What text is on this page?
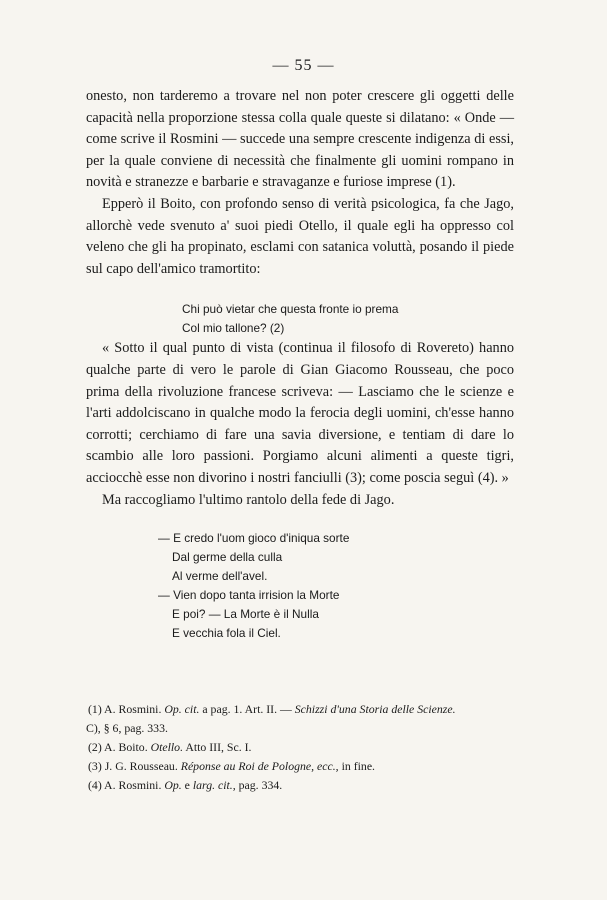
— 55 —

onesto, non tarderemo a trovare nel non poter crescere gli oggetti delle capacità nella proporzione stessa colla quale queste si dilatano: « Onde — come scrive il Rosmini — succede una sempre crescente indigenza di essi, per la quale conviene di necessità che finalmente gli uomini rompano in novità e stranezze e barbarie e stravaganze e furiose imprese (1).

Epperò il Boito, con profondo senso di verità psicologica, fa che Jago, allorchè vede svenuto a' suoi piedi Otello, il quale egli ha oppresso col veleno che gli ha propinato, esclami con satanica voluttà, posando il piede sul capo dell'amico tramortito:

Chi può vietar che questa fronte io prema
Col mio tallone? (2)

« Sotto il qual punto di vista (continua il filosofo di Rovereto) hanno qualche parte di vero le parole di Gian Giacomo Rousseau, che poco prima della rivoluzione francese scriveva: — Lasciamo che le scienze e l'arti addolciscano in qualche modo la ferocia degli uomini, ch'esse hanno corrotti; cerchiamo di fare una savia diversione, e tentiam di dare lo scambio alle loro passioni. Porgiamo alcuni alimenti a queste tigri, acciocchè esse non divorino i nostri fanciulli (3); come poscia seguì (4). »

Ma raccogliamo l'ultimo rantolo della fede di Jago.

— E credo l'uom gioco d'iniqua sorte
Dal germe della culla
Al verme dell'avel.
— Vien dopo tanta irrision la Morte
E poi? — La Morte è il Nulla
E vecchia fola il Ciel.
(1) A. Rosmini. Op. cit. a pag. 1. Art. II. — Schizzi d'una Storia delle Scienze.
C), § 6, pag. 333.
(2) A. Boito. Otello. Atto III, Sc. I.
(3) J. G. Rousseau. Réponse au Roi de Pologne, ecc., in fine.
(4) A. Rosmini. Op. e larg. cit., pag. 334.
